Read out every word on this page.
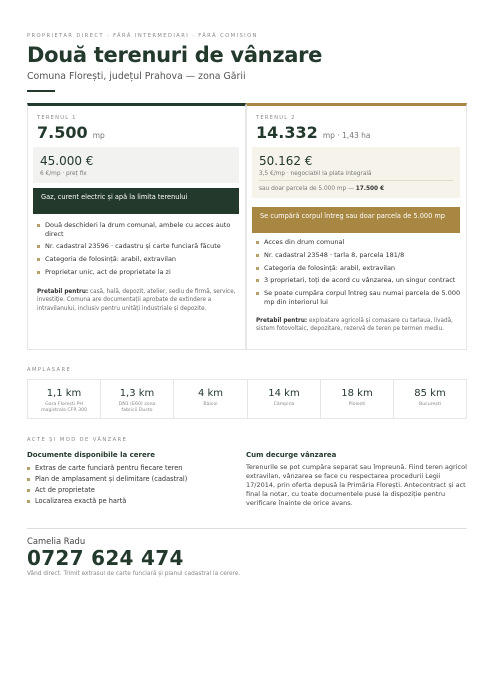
PROPRIETAR DIRECT · FĂRĂ INTERMEDIARI · FĂRĂ COMISION
Două terenuri de vânzare
Comuna Florești, județul Prahova — zona Gării
TERENUL 1
7.500 mp
45.000 €
6 €/mp · preț fix
Gaz, curent electric și apă la limita terenului
Două deschideri la drum comunal, ambele cu acces auto direct
Nr. cadastral 23596 · cadastru și carte funciară făcute
Categoria de folosință: arabil, extravilan
Proprietar unic, act de proprietate la zi
Pretabil pentru: casă, hală, depozit, atelier, sediu de firmă, service, investiție. Comuna are documentații aprobate de extindere a intravilanului, inclusiv pentru unități industriale și depozite.
TERENUL 2
14.332 mp · 1,43 ha
50.162 €
3,5 €/mp · negociabil la plata integrală
sau doar parcela de 5.000 mp — 17.500 €
Se cumpără corpul întreg sau doar parcela de 5.000 mp
Acces din drum comunal
Nr. cadastral 23548 · tarla 8, parcela 181/8
Categoria de folosință: arabil, extravilan
3 proprietari, toți de acord cu vânzarea, un singur contract
Se poate cumpăra corpul întreg sau numai parcela de 5.000 mp din interiorul lui
Pretabil pentru: exploatare agricolă și comasare cu tarlaua, livadă, sistem fotovoltaic, depozitare, rezervă de teren pe termen mediu.
AMPLASARE
1,1 km
Gara Florești PH magistrala CFR 300
1,3 km
DN1 (E60) zona fabricii Dusto
4 km
Băicoi
14 km
Câmpina
18 km
Ploiești
85 km
București
ACTE ȘI MOD DE VÂNZARE
Documente disponibile la cerere
Extras de carte funciară pentru fiecare teren
Plan de amplasament și delimitare (cadastral)
Act de proprietate
Localizarea exactă pe hartă
Cum decurge vânzarea
Terenurile se pot cumpăra separat sau împreună. Fiind teren agricol extravilan, vânzarea se face cu respectarea procedurii Legii 17/2014, prin oferta depusă la Primăria Florești. Antecontract și act final la notar, cu toate documentele puse la dispoziție pentru verificare înainte de orice avans.
Camelia Radu
0727 624 474
Vând direct. Trimit extrasul de carte funciară și planul cadastral la cerere.
